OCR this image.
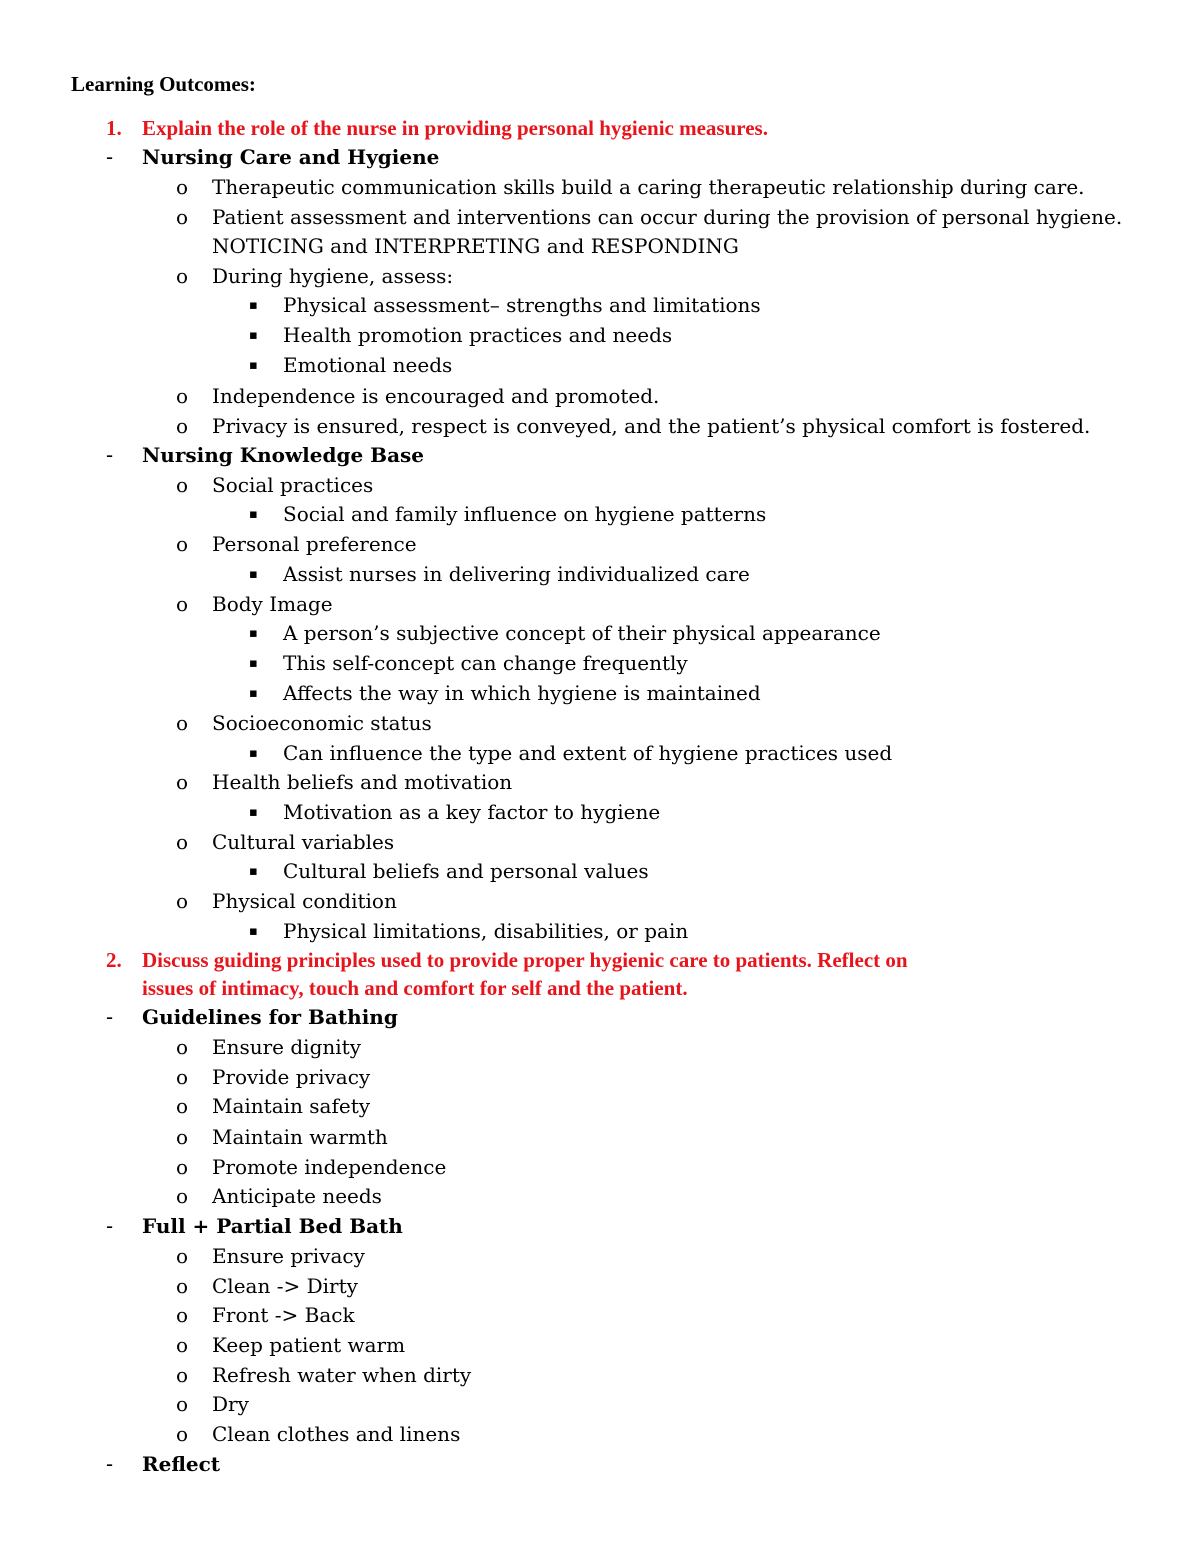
Learning Outcomes:
1. Explain the role of the nurse in providing personal hygienic measures.
- Nursing Care and Hygiene
o Therapeutic communication skills build a caring therapeutic relationship during care.
o Patient assessment and interventions can occur during the provision of personal hygiene.
NOTICING and INTERPRETING and RESPONDING
o During hygiene, assess:
▪ Physical assessment– strengths and limitations
▪ Health promotion practices and needs
▪ Emotional needs
o Independence is encouraged and promoted.
o Privacy is ensured, respect is conveyed, and the patient’s physical comfort is fostered.
- Nursing Knowledge Base
o Social practices
▪ Social and family influence on hygiene patterns
o Personal preference
▪ Assist nurses in delivering individualized care
o Body Image
▪ A person’s subjective concept of their physical appearance
▪ This self-concept can change frequently
▪ Affects the way in which hygiene is maintained
o Socioeconomic status
▪ Can influence the type and extent of hygiene practices used
o Health beliefs and motivation
▪ Motivation as a key factor to hygiene
o Cultural variables
▪ Cultural beliefs and personal values
o Physical condition
▪ Physical limitations, disabilities, or pain
2. Discuss guiding principles used to provide proper hygienic care to patients. Reflect on
issues of intimacy, touch and comfort for self and the patient.
- Guidelines for Bathing
o Ensure dignity
o Provide privacy
o Maintain safety
o Maintain warmth
o Promote independence
o Anticipate needs
- Full + Partial Bed Bath
o Ensure privacy
o Clean -> Dirty
o Front -> Back
o Keep patient warm
o Refresh water when dirty
o Dry
o Clean clothes and linens
- Reflect
